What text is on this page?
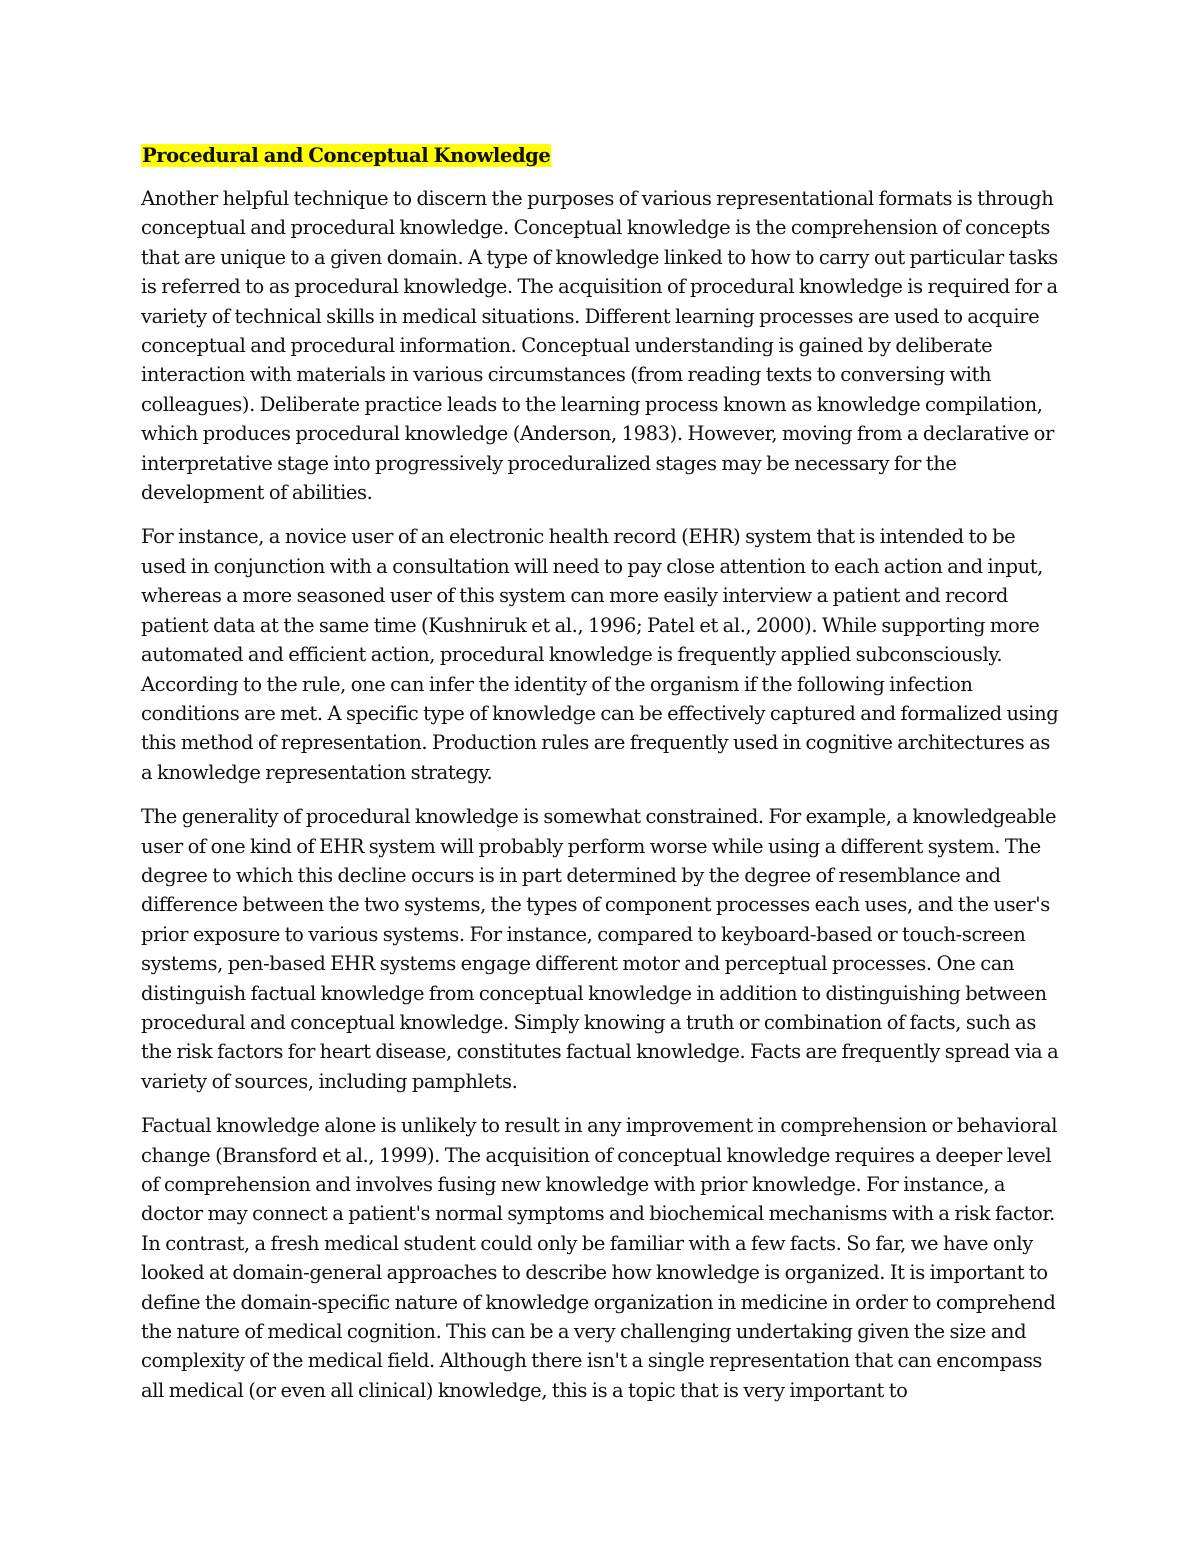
Procedural and Conceptual Knowledge

Another helpful technique to discern the purposes of various representational formats is through conceptual and procedural knowledge. Conceptual knowledge is the comprehension of concepts that are unique to a given domain. A type of knowledge linked to how to carry out particular tasks is referred to as procedural knowledge. The acquisition of procedural knowledge is required for a variety of technical skills in medical situations. Different learning processes are used to acquire conceptual and procedural information. Conceptual understanding is gained by deliberate interaction with materials in various circumstances (from reading texts to conversing with colleagues). Deliberate practice leads to the learning process known as knowledge compilation, which produces procedural knowledge (Anderson, 1983). However, moving from a declarative or interpretative stage into progressively proceduralized stages may be necessary for the development of abilities.

For instance, a novice user of an electronic health record (EHR) system that is intended to be used in conjunction with a consultation will need to pay close attention to each action and input, whereas a more seasoned user of this system can more easily interview a patient and record patient data at the same time (Kushniruk et al., 1996; Patel et al., 2000). While supporting more automated and efficient action, procedural knowledge is frequently applied subconsciously. According to the rule, one can infer the identity of the organism if the following infection conditions are met. A specific type of knowledge can be effectively captured and formalized using this method of representation. Production rules are frequently used in cognitive architectures as a knowledge representation strategy.

The generality of procedural knowledge is somewhat constrained. For example, a knowledgeable user of one kind of EHR system will probably perform worse while using a different system. The degree to which this decline occurs is in part determined by the degree of resemblance and difference between the two systems, the types of component processes each uses, and the user's prior exposure to various systems. For instance, compared to keyboard-based or touch-screen systems, pen-based EHR systems engage different motor and perceptual processes. One can distinguish factual knowledge from conceptual knowledge in addition to distinguishing between procedural and conceptual knowledge. Simply knowing a truth or combination of facts, such as the risk factors for heart disease, constitutes factual knowledge. Facts are frequently spread via a variety of sources, including pamphlets.

Factual knowledge alone is unlikely to result in any improvement in comprehension or behavioral change (Bransford et al., 1999). The acquisition of conceptual knowledge requires a deeper level of comprehension and involves fusing new knowledge with prior knowledge. For instance, a doctor may connect a patient's normal symptoms and biochemical mechanisms with a risk factor. In contrast, a fresh medical student could only be familiar with a few facts. So far, we have only looked at domain-general approaches to describe how knowledge is organized. It is important to define the domain-specific nature of knowledge organization in medicine in order to comprehend the nature of medical cognition. This can be a very challenging undertaking given the size and complexity of the medical field. Although there isn't a single representation that can encompass all medical (or even all clinical) knowledge, this is a topic that is very important to
